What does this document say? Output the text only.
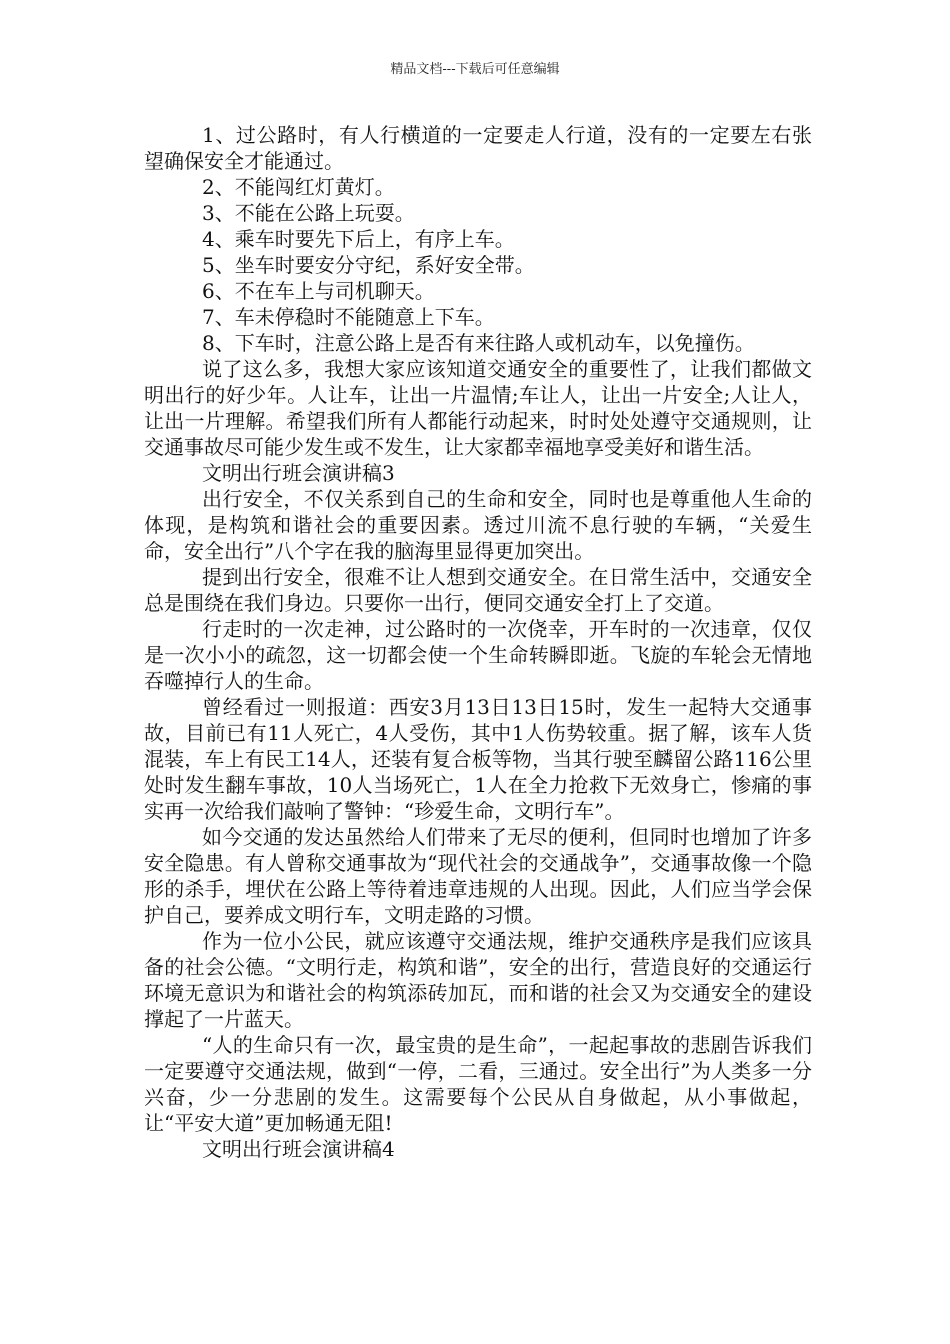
精品文档---下载后可任意编辑

1、过公路时，有人行横道的一定要走人行道，没有的一定要左右张望确保安全才能通过。

2、不能闯红灯黄灯。

3、不能在公路上玩耍。

4、乘车时要先下后上，有序上车。

5、坐车时要安分守纪，系好安全带。

6、不在车上与司机聊天。

7、车未停稳时不能随意上下车。

8、下车时，注意公路上是否有来往路人或机动车，以免撞伤。

说了这么多，我想大家应该知道交通安全的重要性了，让我们都做文明出行的好少年。人让车，让出一片温情;车让人，让出一片安全;人让人，让出一片理解。希望我们所有人都能行动起来，时时处处遵守交通规则，让交通事故尽可能少发生或不发生，让大家都幸福地享受美好和谐生活。

文明出行班会演讲稿3

出行安全，不仅关系到自己的生命和安全，同时也是尊重他人生命的体现，是构筑和谐社会的重要因素。透过川流不息行驶的车辆，“关爱生命，安全出行”八个字在我的脑海里显得更加突出。

提到出行安全，很难不让人想到交通安全。在日常生活中，交通安全总是围绕在我们身边。只要你一出行，便同交通安全打上了交道。

行走时的一次走神，过公路时的一次侥幸，开车时的一次违章，仅仅是一次小小的疏忽，这一切都会使一个生命转瞬即逝。飞旋的车轮会无情地吞噬掉行人的生命。

曾经看过一则报道：西安3月13日13日15时，发生一起特大交通事故，目前已有11人死亡，4人受伤，其中1人伤势较重。据了解，该车人货混装，车上有民工14人，还装有复合板等物，当其行驶至麟留公路116公里处时发生翻车事故，10人当场死亡，1人在全力抢救下无效身亡，惨痛的事实再一次给我们敲响了警钟：“珍爱生命，文明行车”。

如今交通的发达虽然给人们带来了无尽的便利，但同时也增加了许多安全隐患。有人曾称交通事故为“现代社会的交通战争”，交通事故像一个隐形的杀手，埋伏在公路上等待着违章违规的人出现。因此，人们应当学会保护自己，要养成文明行车，文明走路的习惯。

作为一位小公民，就应该遵守交通法规，维护交通秩序是我们应该具备的社会公德。“文明行走，构筑和谐”，安全的出行，营造良好的交通运行环境无意识为和谐社会的构筑添砖加瓦，而和谐的社会又为交通安全的建设撑起了一片蓝天。

“人的生命只有一次，最宝贵的是生命”，一起起事故的悲剧告诉我们一定要遵守交通法规，做到“一停，二看，三通过。安全出行”为人类多一分兴奋，少一分悲剧的发生。这需要每个公民从自身做起，从小事做起，让“平安大道”更加畅通无阻!

文明出行班会演讲稿4
